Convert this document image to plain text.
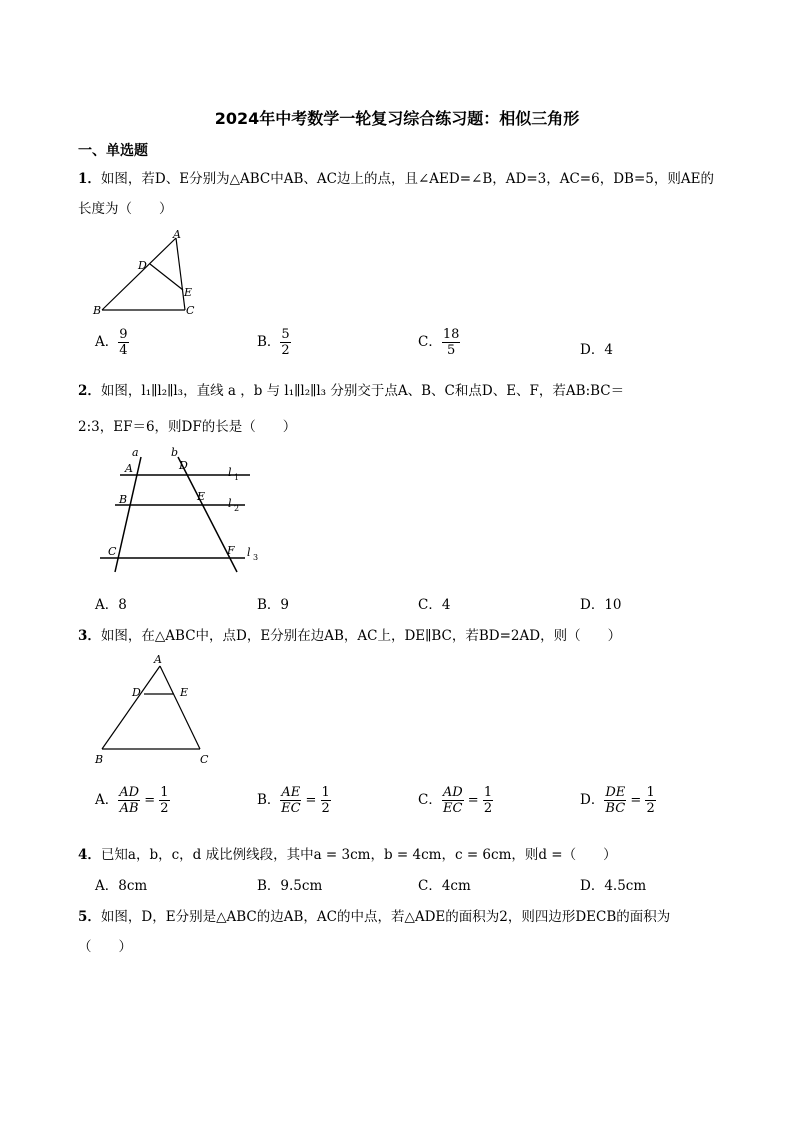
2024年中考数学一轮复习综合练习题：相似三角形
一、单选题
1．如图，若D、E分别为△ABC中AB、AC边上的点，且∠AED=∠B，AD=3，AC=6，DB=5，则AE的
长度为（　　）
A
B	C
D
E
A． $\frac{9}{4}$	B． $\frac{5}{2}$	C． $\frac{18}{5}$	D．4
2．如图，l₁∥l₂∥l₃，直线 a ，b 与 l₁∥l₂∥l₃ 分别交于点A、B、C和点D、E、F，若AB:BC＝
2:3，EF＝6，则DF的长是（　　）
a	b
A
B
C
D
E
F
l 1
l 2
l 3
A．8	B．9	C．4	D．10
3．如图，在△ABC中，点D，E分别在边AB，AC上，DE∥BC，若BD=2AD，则（　　）
A
B	C
D	E
A． $\frac{AD}{AB}$
=
$\frac{1}{2}$	B． $\frac{AE}{EC}$
=
$\frac{1}{2}$	C． $\frac{AD}{EC}$
=
$\frac{1}{2}$	D． $\frac{DE}{BC}$
=
$\frac{1}{2}$
4．已知a，b，c，d 成比例线段，其中a = 3cm，b = 4cm，c = 6cm，则d =（　　）
A．8cm	B．9.5cm	C．4cm	D．4.5cm
5．如图，D，E分别是△ABC的边AB，AC的中点，若△ADE的面积为2，则四边形DECB的面积为
（　　）
